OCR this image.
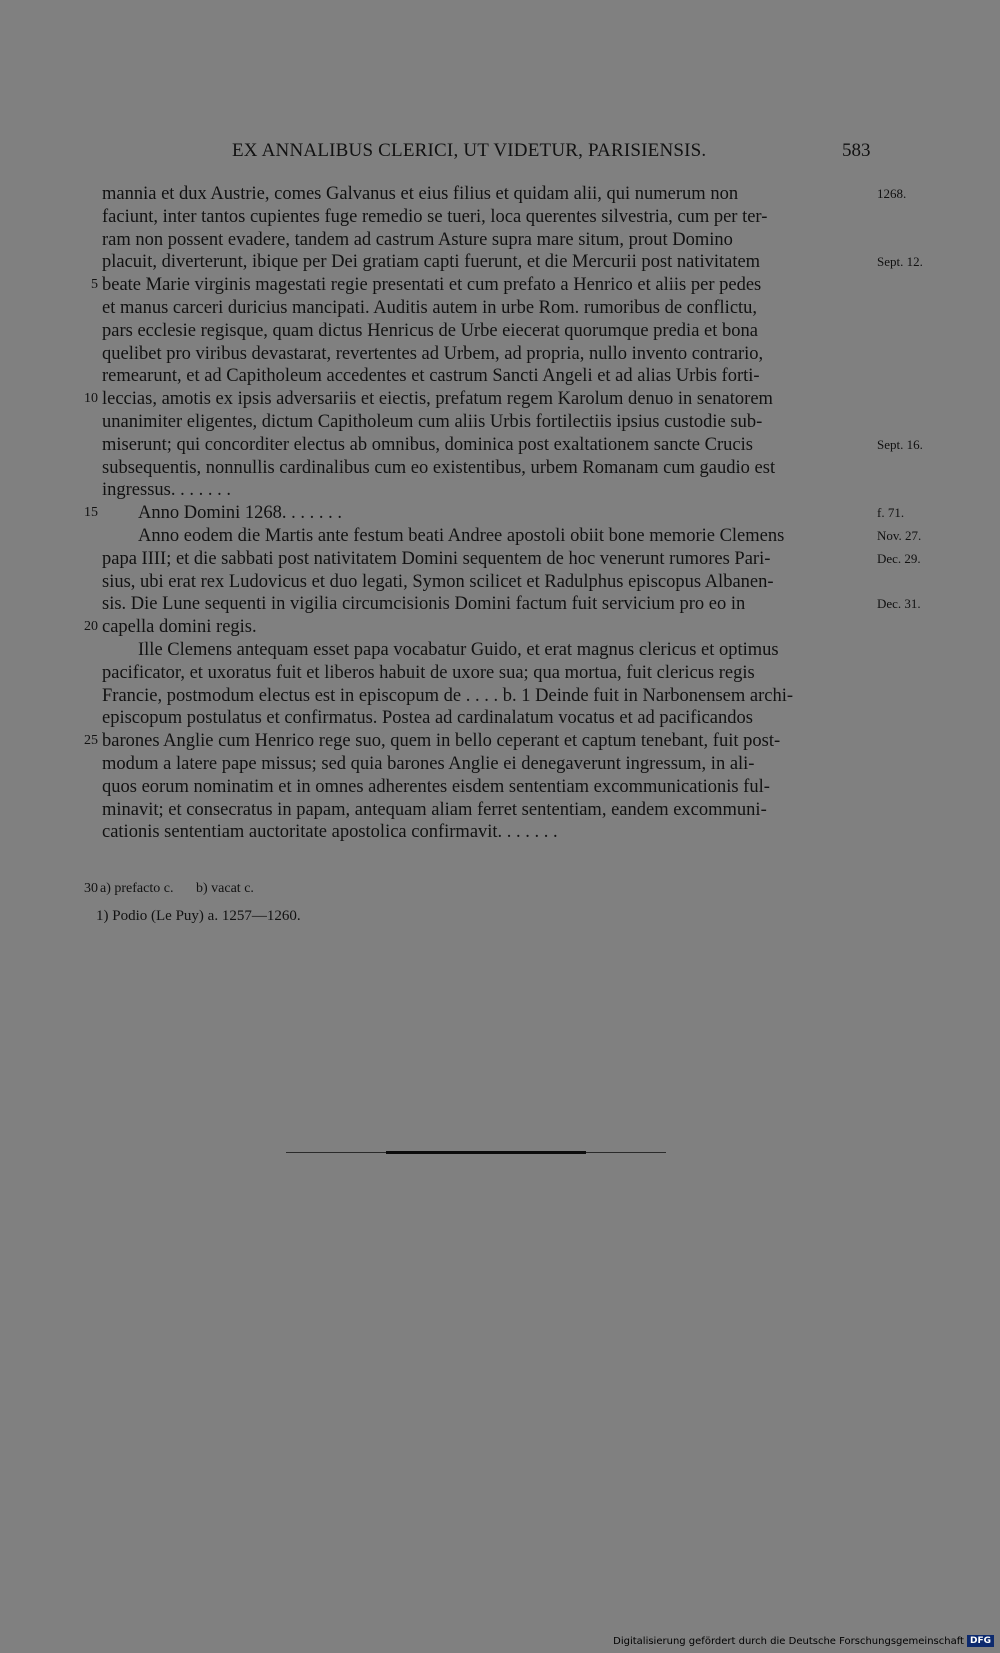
EX ANNALIBUS CLERICI, UT VIDETUR, PARISIENSIS.	583
mannia et dux Austrie, comes Galvanus et eius filius et quidam alii, qui numerum non	1268.
faciunt, inter tantos cupientes fuge remedio se tueri, loca querentes silvestria, cum per ter-
ram non possent evadere, tandem ad castrum Asture supra mare situm, prout Domino
placuit, diverterunt, ibique per Dei gratiam capti fuerunt, et die Mercurii post nativitatem	Sept. 12.
5 beate Marie virginis magestati regie presentati et cum prefato a Henrico et aliis per pedes
et manus carceri duricius mancipati. Auditis autem in urbe Rom. rumoribus de conflictu,
pars ecclesie regisque, quam dictus Henricus de Urbe eiecerat quorumque predia et bona
quelibet pro viribus devastarat, revertentes ad Urbem, ad propria, nullo invento contrario,
remearunt, et ad Capitholeum accedentes et castrum Sancti Angeli et ad alias Urbis forti-
10 leccias, amotis ex ipsis adversariis et eiectis, prefatum regem Karolum denuo in senatorem
unanimiter eligentes, dictum Capitholeum cum aliis Urbis fortilectiis ipsius custodie sub-
miserunt; qui concorditer electus ab omnibus, dominica post exaltationem sancte Crucis	Sept. 16.
subsequentis, nonnullis cardinalibus cum eo existentibus, urbem Romanam cum gaudio est
ingressus. . . . . . .
15 Anno Domini 1268. . . . . . .	f. 71.
Anno eodem die Martis ante festum beati Andree apostoli obiit bone memorie Clemens	Nov. 27.
papa IIII; et die sabbati post nativitatem Domini sequentem de hoc venerunt rumores Pari-	Dec. 29.
sius, ubi erat rex Ludovicus et duo legati, Symon scilicet et Radulphus episcopus Albanen-
sis. Die Lune sequenti in vigilia circumcisionis Domini factum fuit servicium pro eo in	Dec. 31.
20 capella domini regis.
Ille Clemens antequam esset papa vocabatur Guido, et erat magnus clericus et optimus
pacificator, et uxoratus fuit et liberos habuit de uxore sua; qua mortua, fuit clericus regis
Francie, postmodum electus est in episcopum de . . . . b. 1 Deinde fuit in Narbonensem archi-
episcopum postulatus et confirmatus. Postea ad cardinalatum vocatus et ad pacificandos
25 barones Anglie cum Henrico rege suo, quem in bello ceperant et captum tenebant, fuit post-
modum a latere pape missus; sed quia barones Anglie ei denegaverunt ingressum, in ali-
quos eorum nominatim et in omnes adherentes eisdem sententiam excommunicationis ful-
minavit; et consecratus in papam, antequam aliam ferret sententiam, eandem excommuni-
cationis sententiam auctoritate apostolica confirmavit. . . . . . .
30 a) prefacto c. b) vacat c.
1) Podio (Le Puy) a. 1257—1260.
Digitalisierung gefördert durch die Deutsche Forschungsgemeinschaft DFG
